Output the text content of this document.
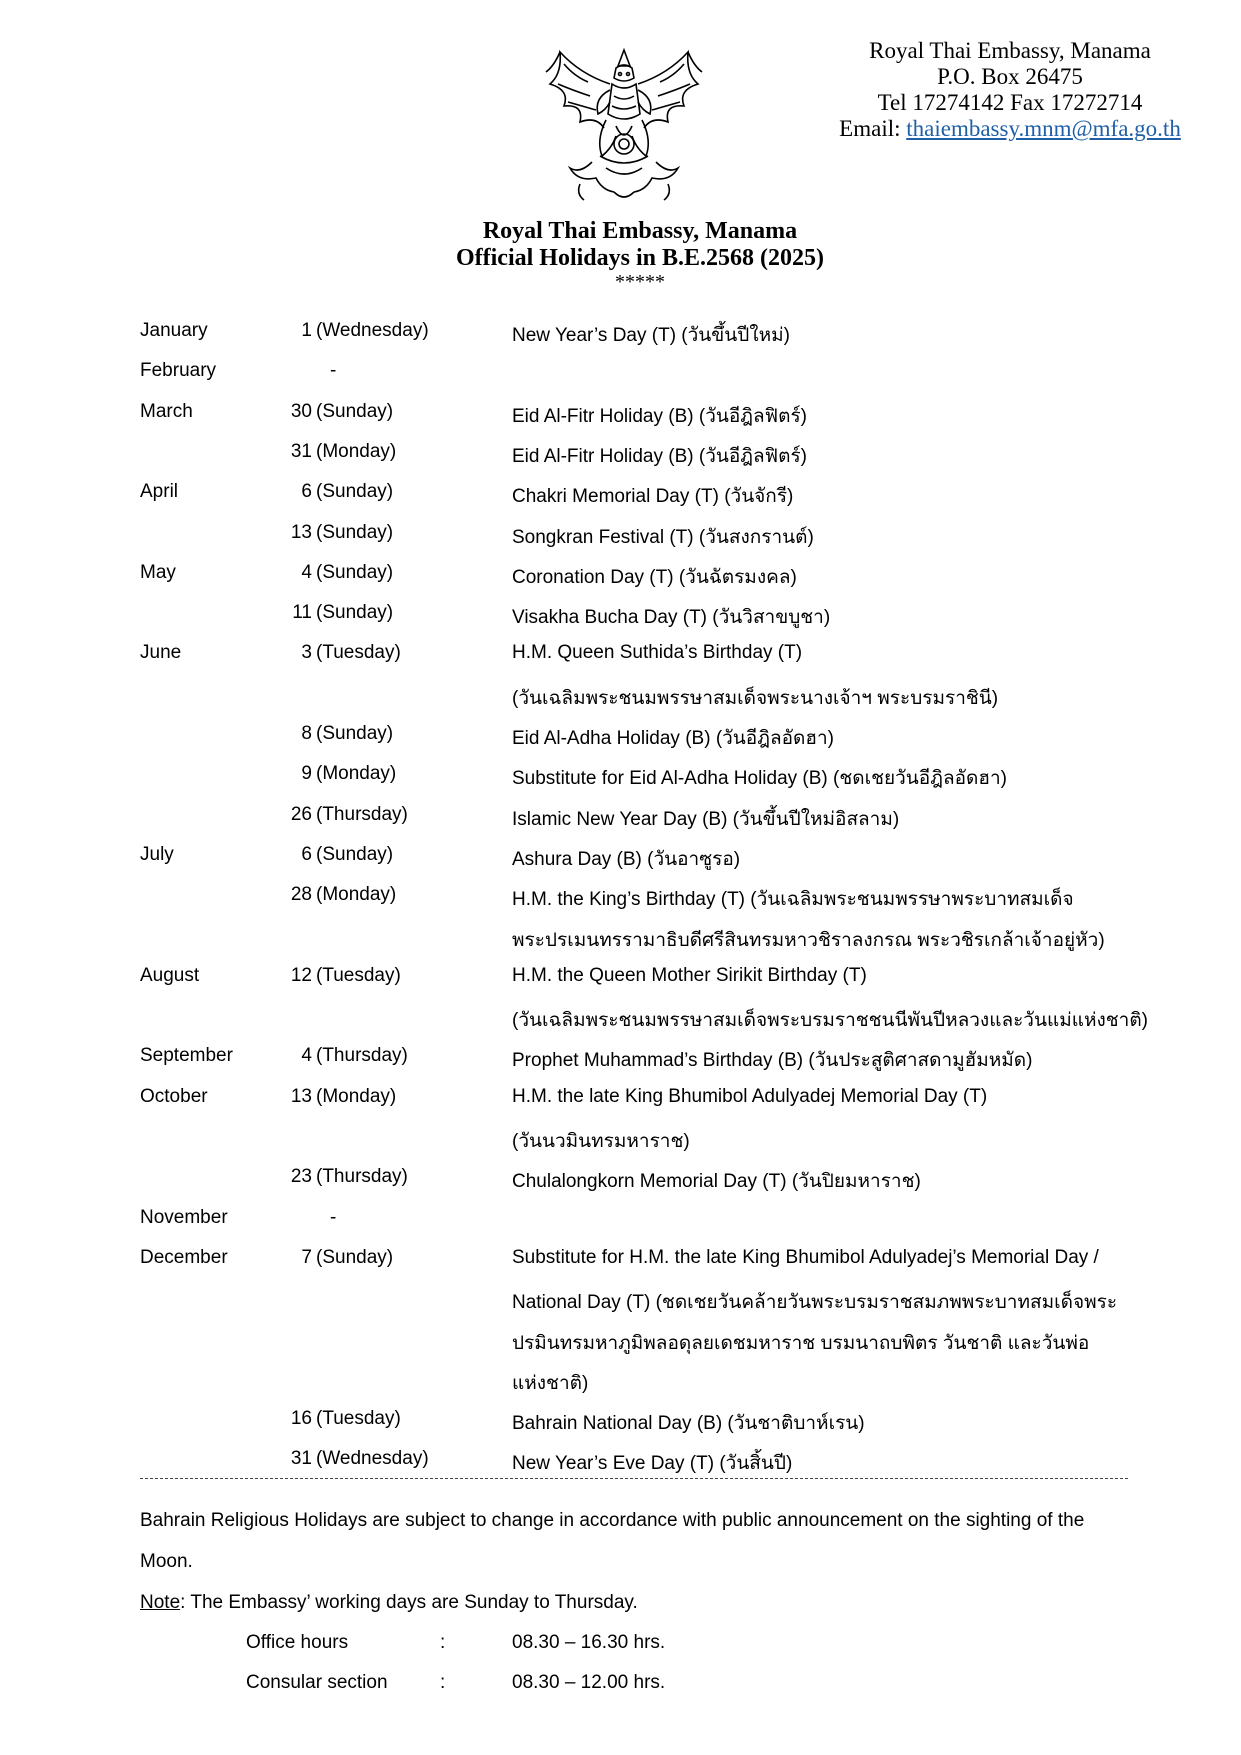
Royal Thai Embassy, Manama
P.O. Box 26475
Tel 17274142 Fax 17272714
Email: thaiembassy.mnm@mfa.go.th
Royal Thai Embassy, Manama
Official Holidays in B.E.2568 (2025)
*****
January	1 (Wednesday)	New Year’s Day (T) (วันขึ้นปีใหม่)
February	-
March	30 (Sunday)	Eid Al-Fitr Holiday (B) (วันอีฎิลฟิตร์)
31 (Monday)	Eid Al-Fitr Holiday (B) (วันอีฎิลฟิตร์)
April	6 (Sunday)	Chakri Memorial Day (T) (วันจักรี)
13 (Sunday)	Songkran Festival (T) (วันสงกรานต์)
May	4 (Sunday)	Coronation Day (T) (วันฉัตรมงคล)
11 (Sunday)	Visakha Bucha Day (T) (วันวิสาขบูชา)
June	3 (Tuesday)	H.M. Queen Suthida’s Birthday (T)
(วันเฉลิมพระชนมพรรษาสมเด็จพระนางเจ้าฯ พระบรมราชินี)
8 (Sunday)	Eid Al-Adha Holiday (B) (วันอีฎิลอัดฮา)
9 (Monday)	Substitute for Eid Al-Adha Holiday (B) (ชดเชยวันอีฎิลอัดฮา)
26 (Thursday)	Islamic New Year Day (B) (วันขึ้นปีใหม่อิสลาม)
July	6 (Sunday)	Ashura Day (B) (วันอาซูรอ)
28 (Monday)	H.M. the King’s Birthday (T) (วันเฉลิมพระชนมพรรษาพระบาทสมเด็จ
พระปรเมนทรรามาธิบดีศรีสินทรมหาวชิราลงกรณ พระวชิรเกล้าเจ้าอยู่หัว)
August	12 (Tuesday)	H.M. the Queen Mother Sirikit Birthday (T)
(วันเฉลิมพระชนมพรรษาสมเด็จพระบรมราชชนนีพันปีหลวงและวันแม่แห่งชาติ)
September	4 (Thursday)	Prophet Muhammad’s Birthday (B) (วันประสูติศาสดามูฮัมหมัด)
October	13 (Monday)	H.M. the late King Bhumibol Adulyadej Memorial Day (T)
(วันนวมินทรมหาราช)
23 (Thursday)	Chulalongkorn Memorial Day (T) (วันปิยมหาราช)
November	-
December	7 (Sunday)	Substitute for H.M. the late King Bhumibol Adulyadej’s Memorial Day /
National Day (T) (ชดเชยวันคล้ายวันพระบรมราชสมภพพระบาทสมเด็จพระ
ปรมินทรมหาภูมิพลอดุลยเดชมหาราช บรมนาถบพิตร วันชาติ และวันพ่อ
แห่งชาติ)
16 (Tuesday)	Bahrain National Day (B) (วันชาติบาห์เรน)
31 (Wednesday)	New Year’s Eve Day (T) (วันสิ้นปี)
Bahrain Religious Holidays are subject to change in accordance with public announcement on the sighting of the
Moon.
Note: The Embassy’ working days are Sunday to Thursday.
Office hours	:	08.30 – 16.30 hrs.
Consular section	:	08.30 – 12.00 hrs.
